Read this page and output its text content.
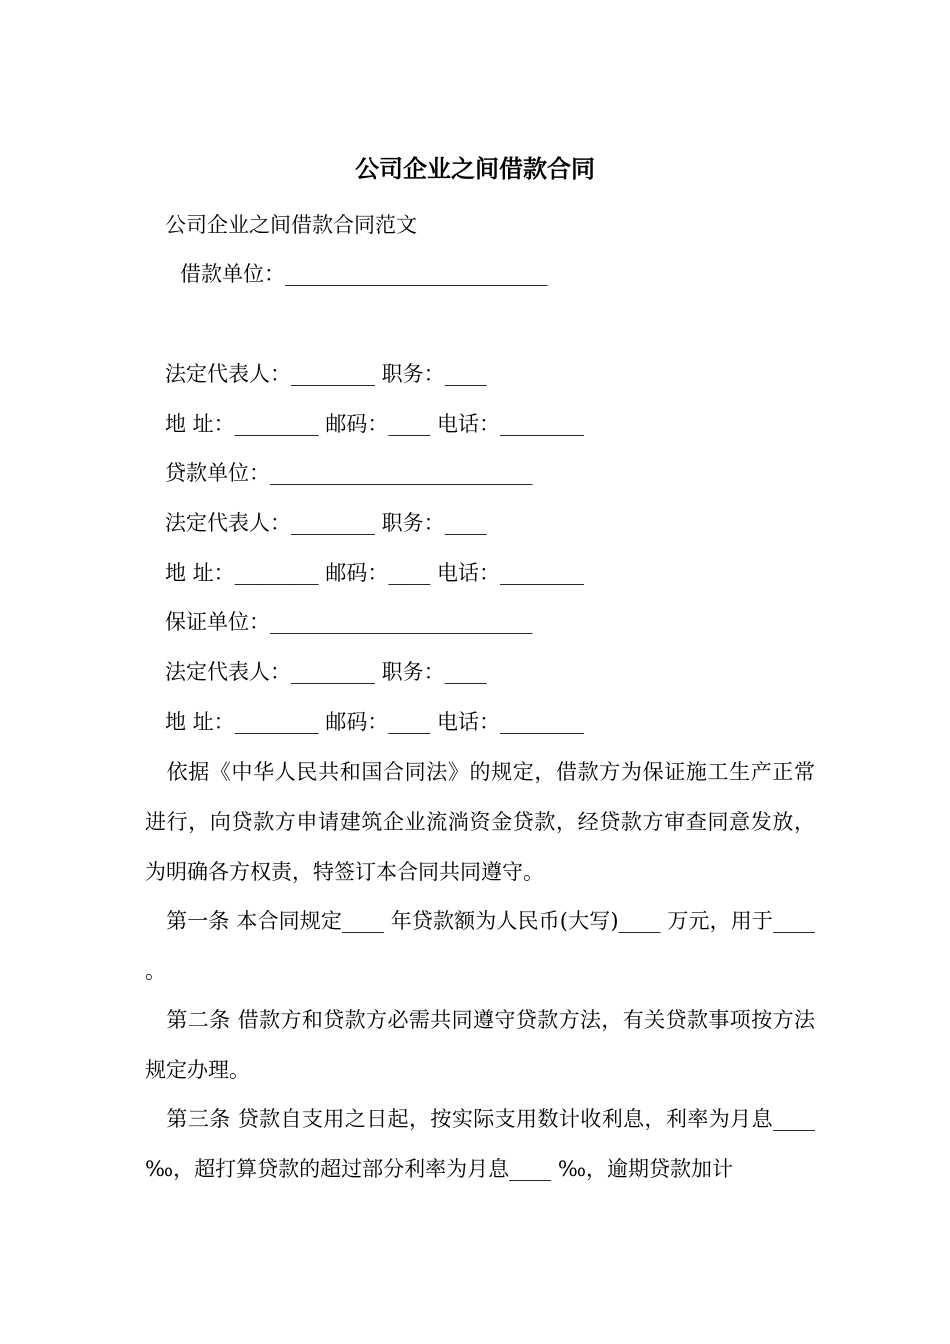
公司企业之间借款合同
公司企业之间借款合同范文
借款单位：_________________________
法定代表人：________ 职务：____
地 址：________ 邮码：____ 电话：________
贷款单位：_________________________
法定代表人：________ 职务：____
地 址：________ 邮码：____ 电话：________
保证单位：_________________________
法定代表人：________ 职务：____
地 址：________ 邮码：____ 电话：________
依据《中华人民共和国合同法》的规定，借款方为保证施工生产正常进行，向贷款方申请建筑企业流淌资金贷款，经贷款方审查同意发放，为明确各方权责，特签订本合同共同遵守。
第一条 本合同规定____ 年贷款额为人民币(大写)____ 万元，用于____ 。
第二条 借款方和贷款方必需共同遵守贷款方法，有关贷款事项按方法规定办理。
第三条 贷款自支用之日起，按实际支用数计收利息，利率为月息____ ‰，超打算贷款的超过部分利率为月息____ ‰，逾期贷款加计
